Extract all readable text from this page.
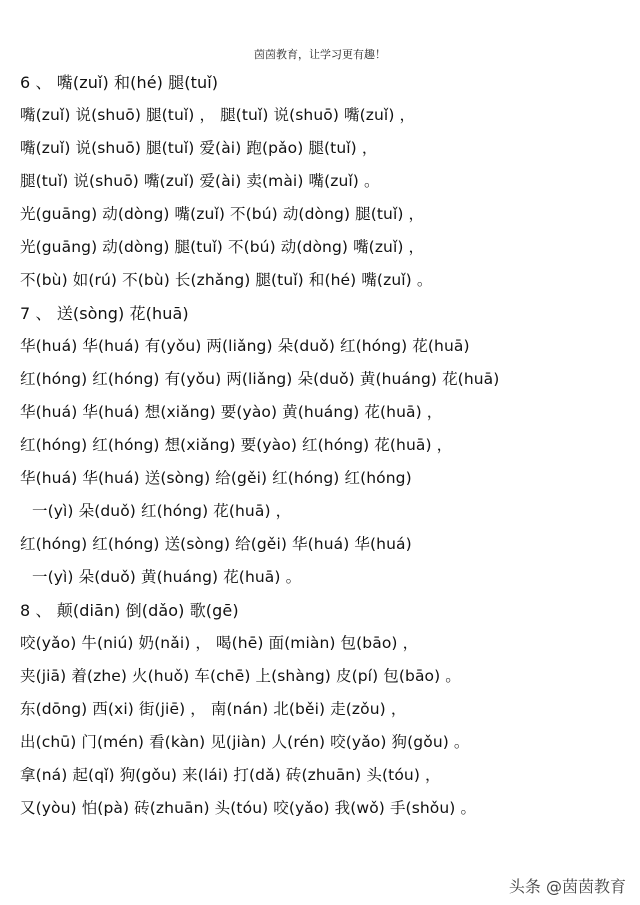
茵茵教育，让学习更有趣！
6 、 嘴(zuǐ) 和(hé) 腿(tuǐ)
嘴(zuǐ) 说(shuō) 腿(tuǐ) ， 腿(tuǐ) 说(shuō) 嘴(zuǐ) ，
嘴(zuǐ) 说(shuō) 腿(tuǐ) 爱(ài) 跑(pǎo) 腿(tuǐ) ，
腿(tuǐ) 说(shuō) 嘴(zuǐ) 爱(ài) 卖(mài) 嘴(zuǐ) 。
光(guāng) 动(dòng) 嘴(zuǐ) 不(bú) 动(dòng) 腿(tuǐ) ，
光(guāng) 动(dòng) 腿(tuǐ) 不(bú) 动(dòng) 嘴(zuǐ) ，
不(bù) 如(rú) 不(bù) 长(zhǎng) 腿(tuǐ) 和(hé) 嘴(zuǐ) 。
7 、 送(sòng) 花(huā)
华(huá) 华(huá) 有(yǒu) 两(liǎng) 朵(duǒ) 红(hóng) 花(huā)
红(hóng) 红(hóng) 有(yǒu) 两(liǎng) 朵(duǒ) 黄(huáng) 花(huā)
华(huá) 华(huá) 想(xiǎng) 要(yào) 黄(huáng) 花(huā) ，
红(hóng) 红(hóng) 想(xiǎng) 要(yào) 红(hóng) 花(huā) ，
华(huá) 华(huá) 送(sòng) 给(gěi) 红(hóng) 红(hóng)
一(yì) 朵(duǒ) 红(hóng) 花(huā) ，
红(hóng) 红(hóng) 送(sòng) 给(gěi) 华(huá) 华(huá)
一(yì) 朵(duǒ) 黄(huáng) 花(huā) 。
8 、 颠(diān) 倒(dǎo) 歌(gē)
咬(yǎo) 牛(niú) 奶(nǎi) ， 喝(hē) 面(miàn) 包(bāo) ，
夹(jiā) 着(zhe) 火(huǒ) 车(chē) 上(shàng) 皮(pí) 包(bāo) 。
东(dōng) 西(xi) 街(jiē) ， 南(nán) 北(běi) 走(zǒu) ，
出(chū) 门(mén) 看(kàn) 见(jiàn) 人(rén) 咬(yǎo) 狗(gǒu) 。
拿(ná) 起(qǐ) 狗(gǒu) 来(lái) 打(dǎ) 砖(zhuān) 头(tóu) ，
又(yòu) 怕(pà) 砖(zhuān) 头(tóu) 咬(yǎo) 我(wǒ) 手(shǒu) 。
头条 @茵茵教育
